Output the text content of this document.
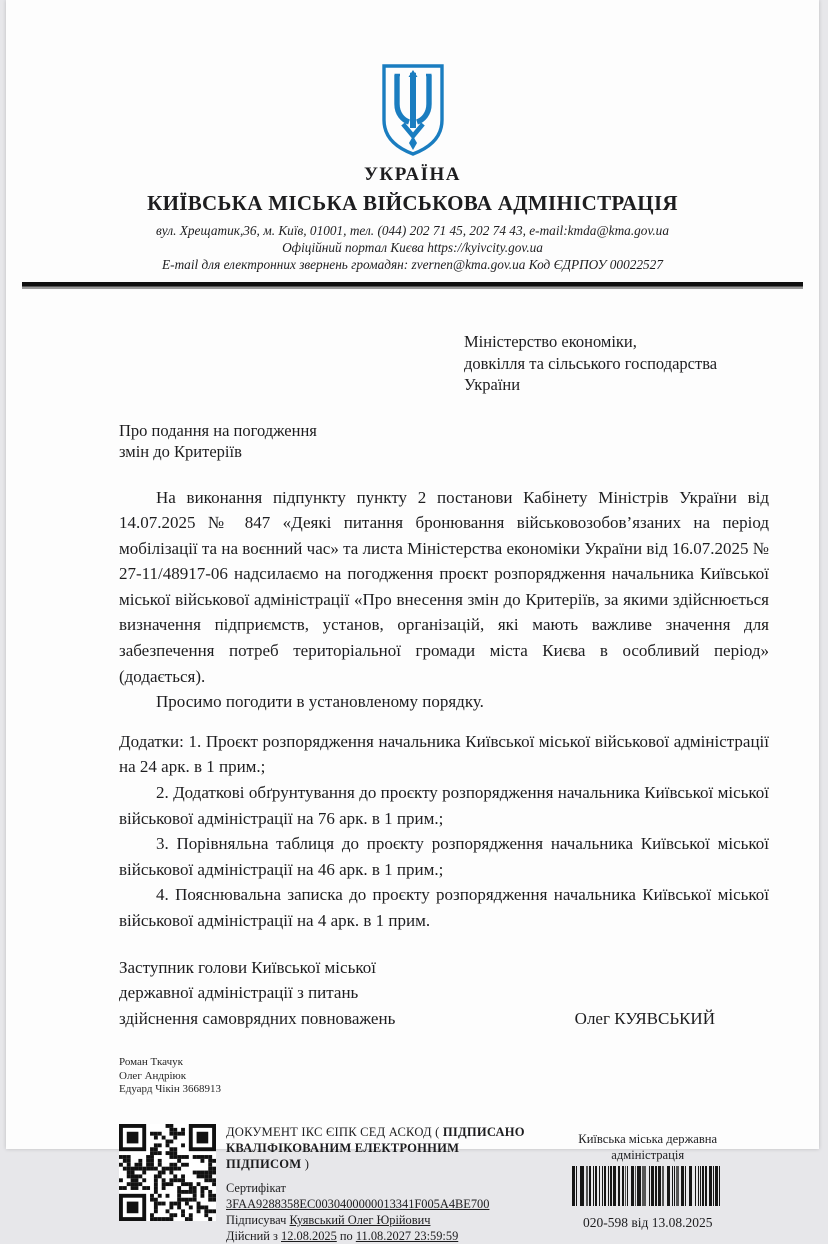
УКРАЇНА
КИЇВСЬКА МІСЬКА ВІЙСЬКОВА АДМІНІСТРАЦІЯ
вул. Хрещатик,36, м. Київ, 01001, тел. (044) 202 71 45, 202 74 43, e-mail:kmda@kma.gov.ua
Офіційний портал Києва https://kyivcity.gov.ua
E-mail для електронних звернень громадян: zvernen@kma.gov.ua Код ЄДРПОУ 00022527
Міністерство економіки,
довкілля та сільського господарства
України
Про подання на погодження
змін до Критеріїв

На виконання підпункту пункту 2 постанови Кабінету Міністрів України від 14.07.2025 № 847 «Деякі питання бронювання військовозобов’язаних на період мобілізації та на воєнний час» та листа Міністерства економіки України від 16.07.2025 № 27-11/48917-06 надсилаємо на погодження проєкт розпорядження начальника Київської міської військової адміністрації «Про внесення змін до Критеріїв, за якими здійснюється визначення підприємств, установ, організацій, які мають важливе значення для забезпечення потреб територіальної громади міста Києва в особливий період» (додається).

Просимо погодити в установленому порядку.

Додатки: 1. Проєкт розпорядження начальника Київської міської військової адміністрації на 24 арк. в 1 прим.;

2. Додаткові обґрунтування до проєкту розпорядження начальника Київської міської військової адміністрації на 76 арк. в 1 прим.;

3. Порівняльна таблиця до проєкту розпорядження начальника Київської міської військової адміністрації на 46 арк. в 1 прим.;

4. Пояснювальна записка до проєкту розпорядження начальника Київської міської військової адміністрації на 4 арк. в 1 прим.

Заступник голови Київської міської
державної адміністрації з питань
здійснення самоврядних повноважень	Олег КУЯВСЬКИЙ
Роман Ткачук
Олег Андріюк
Едуард Чікін 3668913
ДОКУМЕНТ ІКС ЄІПК СЕД АСКОД ( ПІДПИСАНО КВАЛІФІКОВАНИМ ЕЛЕКТРОННИМ ПІДПИСОМ )
Сертифікат
3FAA9288358EC0030400000013341F005A4BE700
Підписувач Куявський Олег Юрійович
Дійсний з 12.08.2025 по 11.08.2027 23:59:59
Київська міська державна
адміністрація
020-598 від 13.08.2025
